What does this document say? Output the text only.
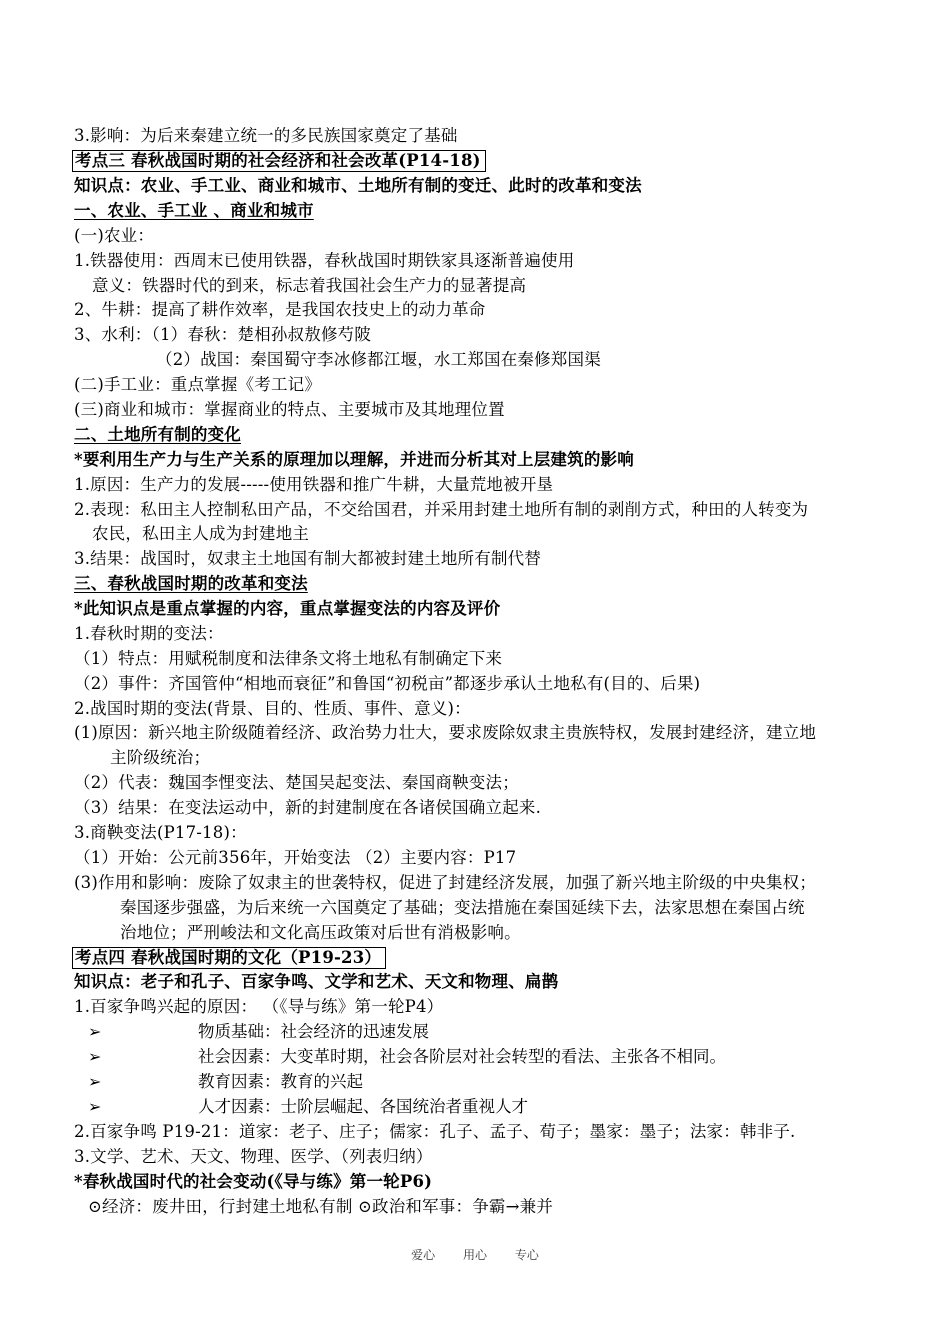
3.影响：为后来秦建立统一的多民族国家奠定了基础
考点三 春秋战国时期的社会经济和社会改革(P14-18)
知识点：农业、手工业、商业和城市、土地所有制的变迁、此时的改革和变法
一、农业、手工业 、商业和城市
(一)农业：
1.铁器使用：西周末已使用铁器，春秋战国时期铁家具逐渐普遍使用
意义：铁器时代的到来，标志着我国社会生产力的显著提高
2、牛耕：提高了耕作效率，是我国农技史上的动力革命
3、水利：（1）春秋：楚相孙叔敖修芍陂
（2）战国：秦国蜀守李冰修都江堰，水工郑国在秦修郑国渠
(二)手工业：重点掌握《考工记》
(三)商业和城市：掌握商业的特点、主要城市及其地理位置
二、土地所有制的变化
*要利用生产力与生产关系的原理加以理解，并进而分析其对上层建筑的影响
1.原因：生产力的发展-----使用铁器和推广牛耕，大量荒地被开垦
2.表现：私田主人控制私田产品，不交给国君，并采用封建土地所有制的剥削方式，种田的人转变为
农民，私田主人成为封建地主
3.结果：战国时，奴隶主土地国有制大都被封建土地所有制代替
三、春秋战国时期的改革和变法
*此知识点是重点掌握的内容，重点掌握变法的内容及评价
1.春秋时期的变法：
（1）特点：用赋税制度和法律条文将土地私有制确定下来
（2）事件：齐国管仲“相地而衰征”和鲁国“初税亩”都逐步承认土地私有(目的、后果)
2.战国时期的变法(背景、目的、性质、事件、意义)：
(1)原因：新兴地主阶级随着经济、政治势力壮大，要求废除奴隶主贵族特权，发展封建经济，建立地
主阶级统治；
（2）代表：魏国李悝变法、楚国吴起变法、秦国商鞅变法；
（3）结果：在变法运动中，新的封建制度在各诸侯国确立起来.
3.商鞅变法(P17-18)：
（1）开始：公元前356年，开始变法 （2）主要内容：P17
(3)作用和影响：废除了奴隶主的世袭特权，促进了封建经济发展，加强了新兴地主阶级的中央集权；
秦国逐步强盛，为后来统一六国奠定了基础；变法措施在秦国延续下去，法家思想在秦国占统
治地位；严刑峻法和文化高压政策对后世有消极影响。
考点四 春秋战国时期的文化（P19-23）
知识点：老子和孔子、百家争鸣、文学和艺术、天文和物理、扁鹊
1.百家争鸣兴起的原因： （《导与练》第一轮P4）
➢	物质基础：社会经济的迅速发展
➢	社会因素：大变革时期，社会各阶层对社会转型的看法、主张各不相同。
➢	教育因素：教育的兴起
➢	人才因素：士阶层崛起、各国统治者重视人才
2.百家争鸣 P19-21：道家：老子、庄子；儒家：孔子、孟子、荀子；墨家：墨子；法家：韩非子.
3.文学、艺术、天文、物理、医学、（列表归纳）
*春秋战国时代的社会变动(《导与练》第一轮P6)
⊙经济：废井田，行封建土地私有制 ⊙政治和军事：争霸→兼并
爱心 用心 专心
